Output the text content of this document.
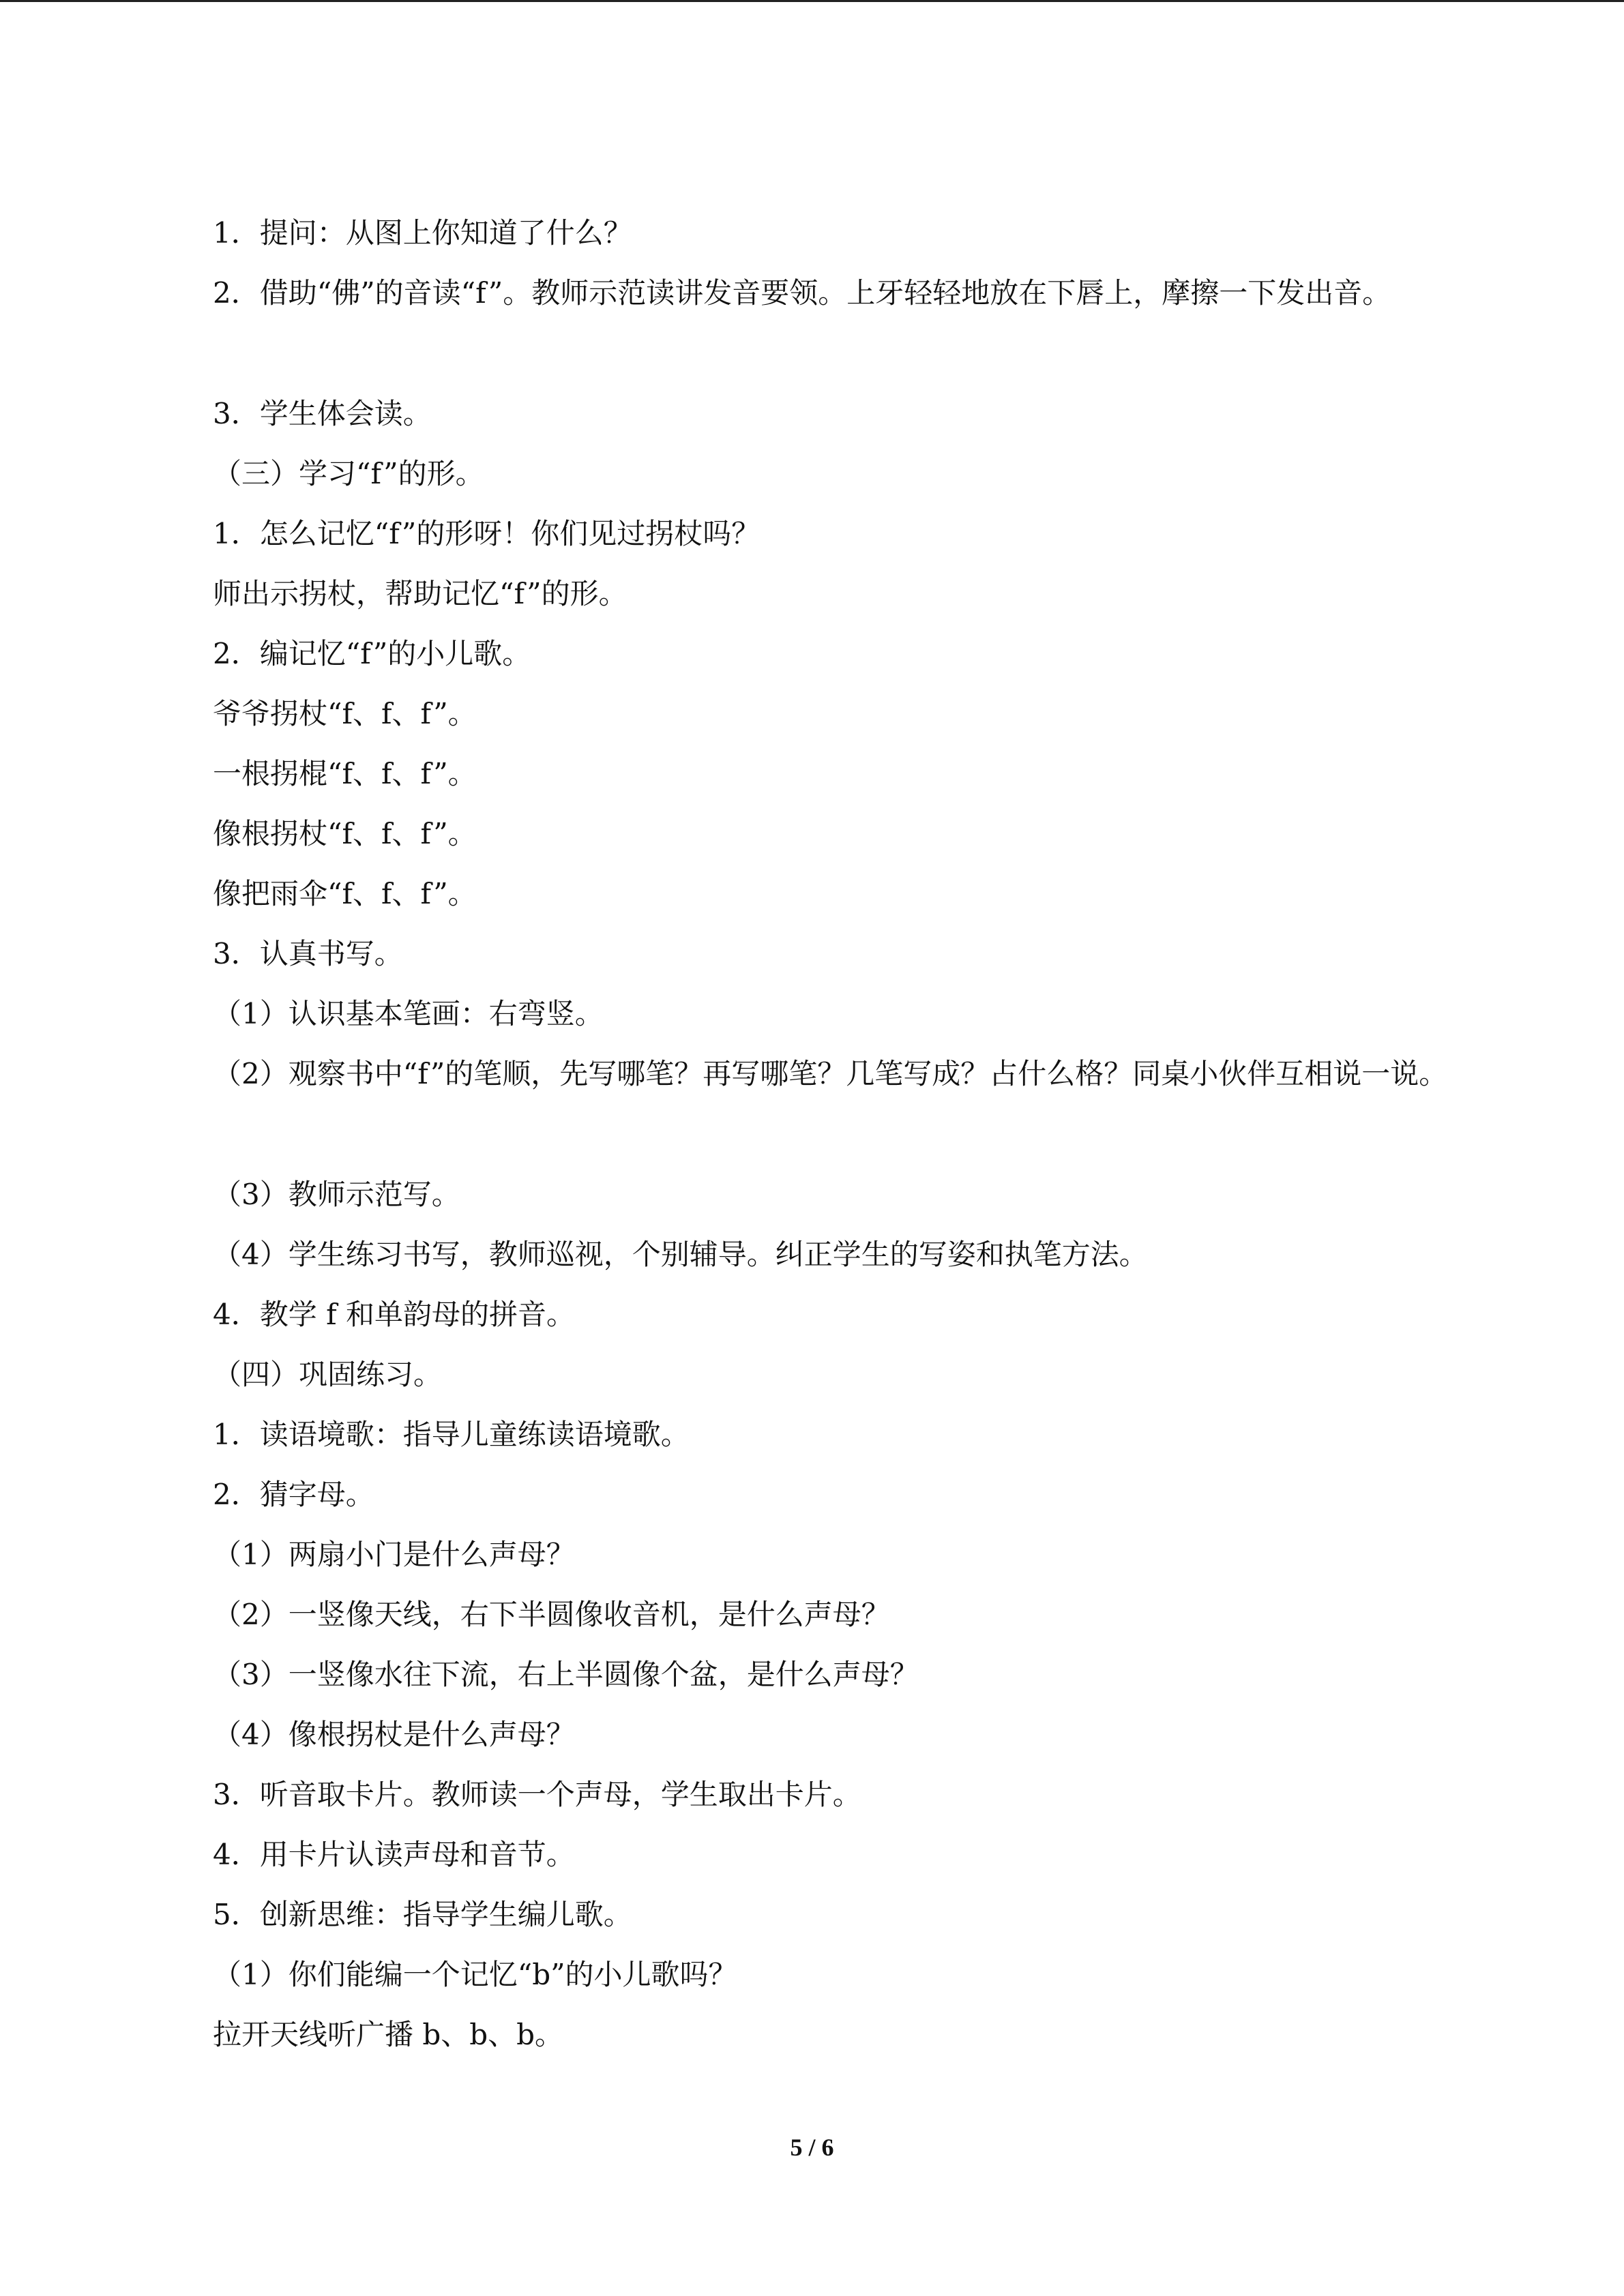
1．提问：从图上你知道了什么？

2．借助“佛”的音读“f”。教师示范读讲发音要领。上牙轻轻地放在下唇上，摩擦一下发出音。

3．学生体会读。

（三）学习“f”的形。

1．怎么记忆“f”的形呀！你们见过拐杖吗？

师出示拐杖，帮助记忆“f”的形。

2．编记忆“f”的小儿歌。

爷爷拐杖“f、f、f”。

一根拐棍“f、f、f”。

像根拐杖“f、f、f”。

像把雨伞“f、f、f”。

3．认真书写。

（1）认识基本笔画：右弯竖。

（2）观察书中“f”的笔顺，先写哪笔？再写哪笔？几笔写成？占什么格？同桌小伙伴互相说一说。

（3）教师示范写。

（4）学生练习书写，教师巡视，个别辅导。纠正学生的写姿和执笔方法。

4．教学 f 和单韵母的拼音。

（四）巩固练习。

1．读语境歌：指导儿童练读语境歌。

2．猜字母。

（1）两扇小门是什么声母？

（2）一竖像天线，右下半圆像收音机，是什么声母？

（3）一竖像水往下流，右上半圆像个盆，是什么声母？

（4）像根拐杖是什么声母？

3．听音取卡片。教师读一个声母，学生取出卡片。

4．用卡片认读声母和音节。

5．创新思维：指导学生编儿歌。

（1）你们能编一个记忆“b”的小儿歌吗？

拉开天线听广播 b、b、b。

5 / 6
